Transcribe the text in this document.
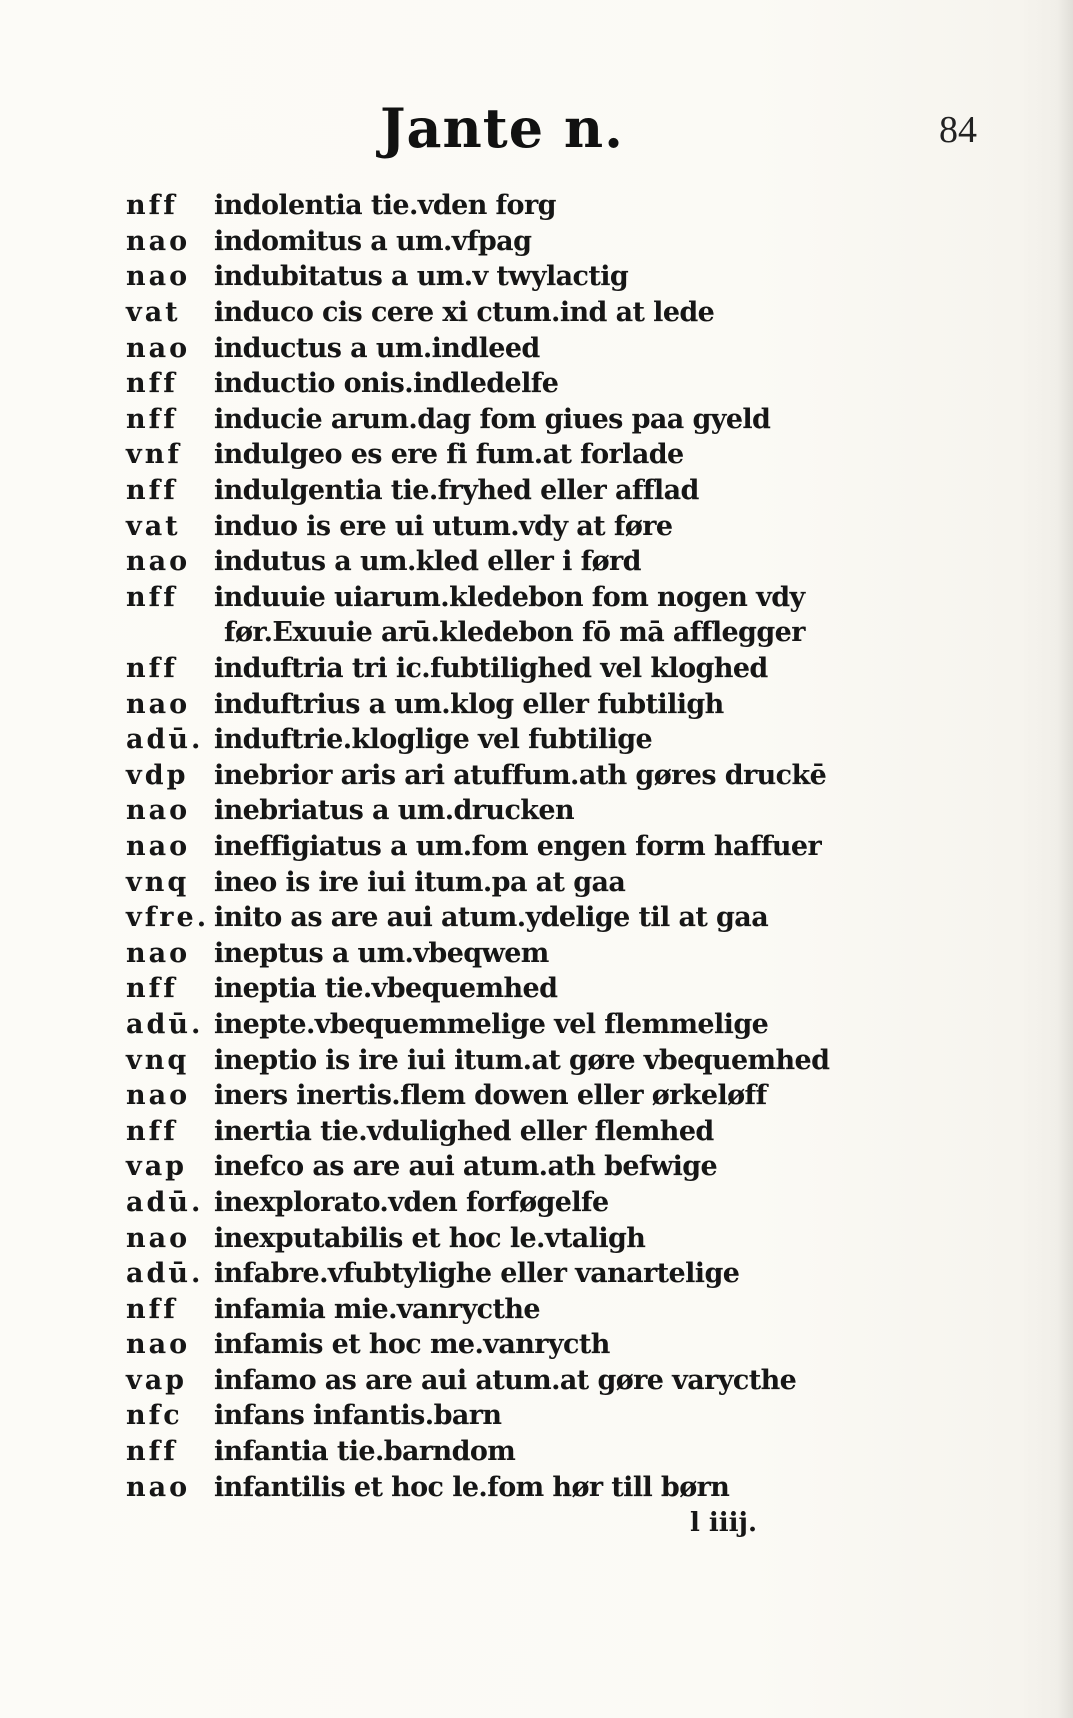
Jante n.	84
nff	indolentia tie.vden forg
nao indomitus a um.vfpag
nao indubitatus a um.v twylactig
vat	induco cis cere xi ctum.ind at lede
nao inductus a um.indleed
nff	inductio onis.indledelfe
nff	inducie arum.dag fom giues paa gyeld
vnf	indulgeo es ere fi fum.at forlade
nff	indulgentia tie.fryhed eller afflad
vat	induo is ere ui utum.vdy at føre
nao indutus a um.kled eller i førd
nff	induuie uiarum.kledebon fom nogen vdy
før.Exuuie arū.kledebon fō mā afflegger
nff	induftria tri ic.fubtilighed vel kloghed
nao induftrius a um.klog eller fubtiligh
adū. induftrie.kloglige vel fubtilige
vdp inebrior aris ari atuffum.ath gøres druckē
nao inebriatus a um.drucken
nao ineffigiatus a um.fom engen form haffuer
vnq ineo is ire iui itum.pa at gaa
vfre. inito as are aui atum.ydelige til at gaa
nao ineptus a um.vbeqwem
nff	ineptia tie.vbequemhed
adū. inepte.vbequemmelige vel flemmelige
vnq ineptio is ire iui itum.at gøre vbequemhed
nao iners inertis.flem dowen eller ørkeløff
nff	inertia tie.vdulighed eller flemhed
vap inefco as are aui atum.ath befwige
adū. inexplorato.vden forføgelfe
nao inexputabilis et hoc le.vtaligh
adū. infabre.vfubtylighe eller vanartelige
nff	infamia mie.vanrycthe
nao infamis et hoc me.vanrycth
vap infamo as are aui atum.at gøre varycthe
nfc	infans infantis.barn
nff	infantia tie.barndom
nao infantilis et hoc le.fom hør till børn
l iiij.
